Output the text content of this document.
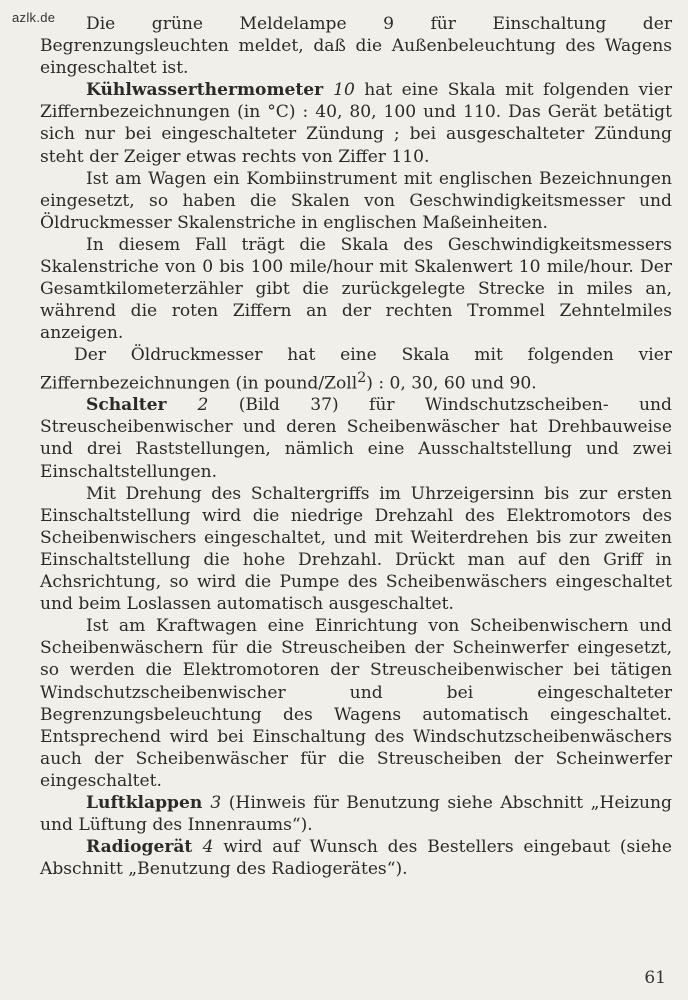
azlk.de	Die grüne Meldelampe 9 für Einschaltung der Begrenzungsleuchten meldet, daß die Außenbeleuchtung des Wagens eingeschaltet ist.

Kühlwasserthermometer 10 hat eine Skala mit folgenden vier Ziffernbezeichnungen (in °C) : 40, 80, 100 und 110. Das Gerät betätigt sich nur bei eingeschalteter Zündung ; bei ausgeschalteter Zündung steht der Zeiger etwas rechts von Ziffer 110.

Ist am Wagen ein Kombiinstrument mit englischen Bezeichnungen eingesetzt, so haben die Skalen von Geschwindigkeitsmesser und Öldruckmesser Skalenstriche in englischen Maßeinheiten.

In diesem Fall trägt die Skala des Geschwindigkeitsmessers Skalenstriche von 0 bis 100 mile/hour mit Skalenwert 10 mile/hour. Der Gesamtkilometerzähler gibt die zurückgelegte Strecke in miles an, während die roten Ziffern an der rechten Trommel Zehntelmiles anzeigen.

Der Öldruckmesser hat eine Skala mit folgenden vier Ziffernbezeichnungen (in pound/Zoll$^2$) : 0, 30, 60 und 90.

Schalter 2 (Bild 37) für Windschutzscheiben- und Streuscheibenwischer und deren Scheibenwäscher hat Drehbauweise und drei Raststellungen, nämlich eine Ausschaltstellung und zwei Einschaltstellungen.

Mit Drehung des Schaltergriffs im Uhrzeigersinn bis zur ersten Einschaltstellung wird die niedrige Drehzahl des Elektromotors des Scheibenwischers eingeschaltet, und mit Weiterdrehen bis zur zweiten Einschaltstellung die hohe Drehzahl. Drückt man auf den Griff in Achsrichtung, so wird die Pumpe des Scheibenwäschers eingeschaltet und beim Loslassen automatisch ausgeschaltet.

Ist am Kraftwagen eine Einrichtung von Scheibenwischern und Scheibenwäschern für die Streuscheiben der Scheinwerfer eingesetzt, so werden die Elektromotoren der Streuscheibenwischer bei tätigen Windschutzscheibenwischer und bei eingeschalteter Begrenzungsbeleuchtung des Wagens automatisch eingeschaltet. Entsprechend wird bei Einschaltung des Windschutzscheibenwäschers auch der Scheibenwäscher für die Streuscheiben der Scheinwerfer eingeschaltet.

Luftklappen 3 (Hinweis für Benutzung siehe Abschnitt „Heizung und Lüftung des Innenraums“).

Radiogerät 4 wird auf Wunsch des Bestellers eingebaut (siehe Abschnitt „Benutzung des Radiogerätes“).

61
